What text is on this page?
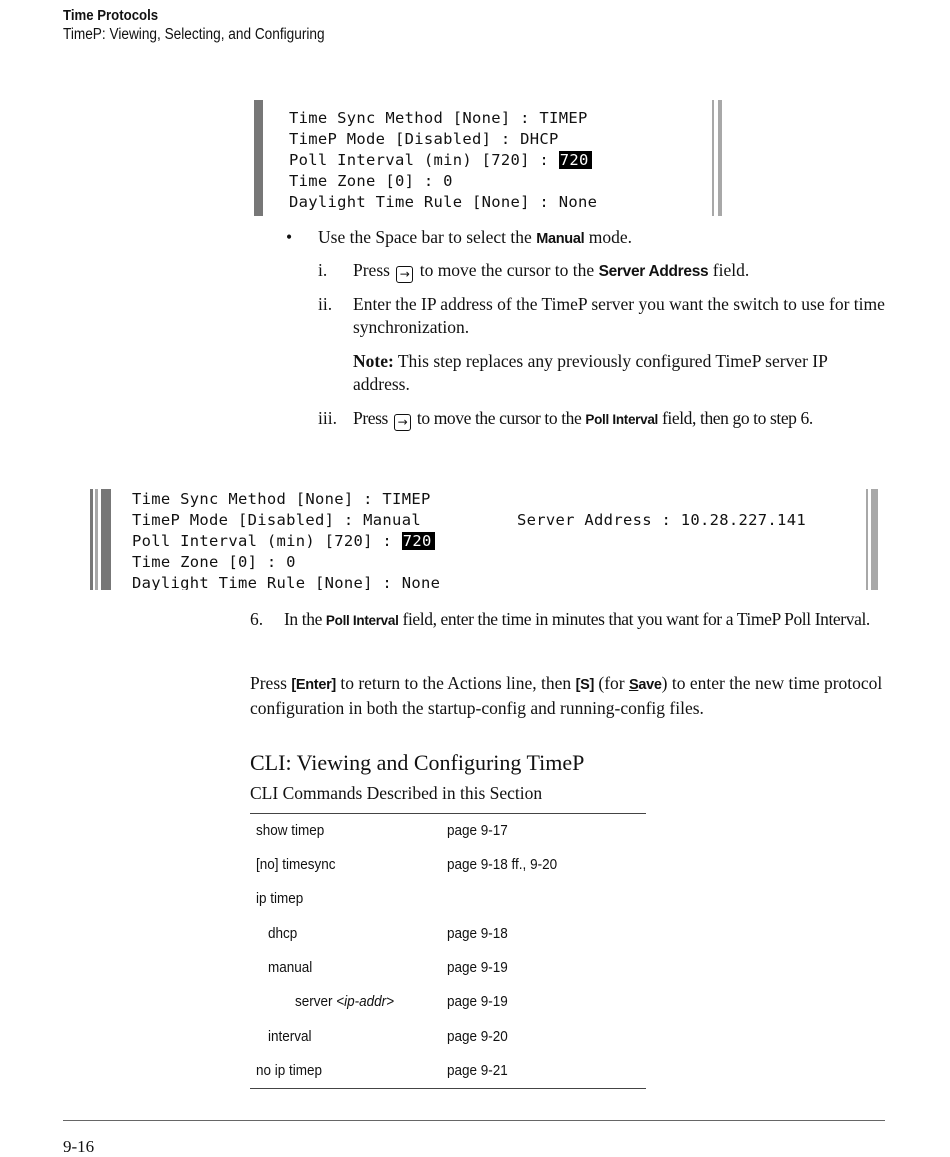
Time Protocols
TimeP: Viewing, Selecting, and Configuring
Time Sync Method [None] : TIMEP
TimeP Mode [Disabled] : DHCP
Poll Interval (min) [720] : 720
Time Zone [0] : 0
Daylight Time Rule [None] : None
• Use the Space bar to select the Manual mode.
i. Press → to move the cursor to the Server Address field.
ii. Enter the IP address of the TimeP server you want the switch to use for time synchronization.
Note: This step replaces any previously configured TimeP server IP address.
iii. Press → to move the cursor to the Poll Interval field, then go to step 6.
Time Sync Method [None] : TIMEP
TimeP Mode [Disabled] : Manual	Server Address : 10.28.227.141
Poll Interval (min) [720] : 720
Time Zone [0] : 0
Daylight Time Rule [None] : None
6. In the Poll Interval field, enter the time in minutes that you want for a TimeP Poll Interval.
Press [Enter] to return to the Actions line, then [S] (for Save) to enter the new time protocol configuration in both the startup-config and running-config files.
CLI: Viewing and Configuring TimeP
CLI Commands Described in this Section
show timep	page 9-17
[no] timesync	page 9-18 ff., 9-20
ip timep
dhcp	page 9-18
manual	page 9-19
server <ip-addr>	page 9-19
interval	page 9-20
no ip timep	page 9-21
9-16
